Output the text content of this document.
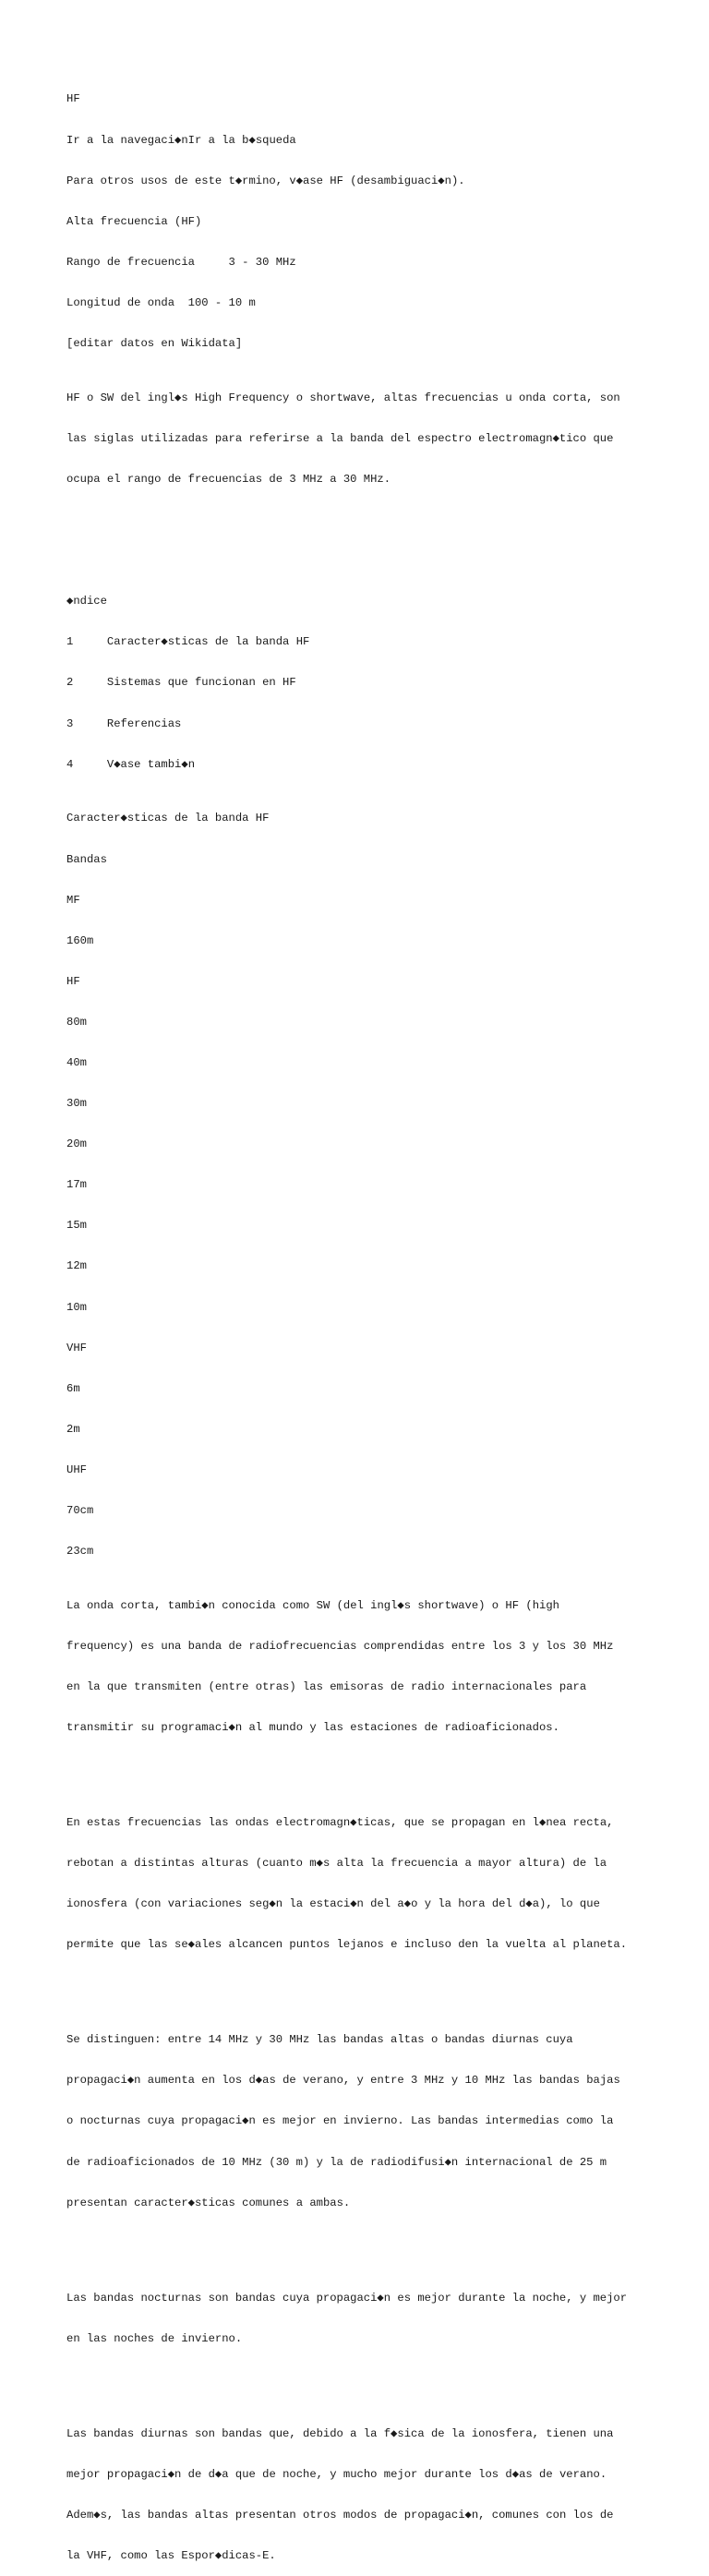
HF

Ir a la navegaci◆nIr a la b◆squeda

Para otros usos de este t◆rmino, v◆ase HF (desambiguaci◆n).

Alta frecuencia (HF)

Rango de frecuencia     3 - 30 MHz

Longitud de onda  100 - 10 m

[editar datos en Wikidata]

HF o SW del ingl◆s High Frequency o shortwave, altas frecuencias u onda corta, son

las siglas utilizadas para referirse a la banda del espectro electromagn◆tico que

ocupa el rango de frecuencias de 3 MHz a 30 MHz.

◆ndice

1     Caracter◆sticas de la banda HF

2     Sistemas que funcionan en HF

3     Referencias

4     V◆ase tambi◆n

Caracter◆sticas de la banda HF

Bandas

MF

160m

HF

80m

40m

30m

20m

17m

15m

12m

10m

VHF

6m

2m

UHF

70cm

23cm

La onda corta, tambi◆n conocida como SW (del ingl◆s shortwave) o HF (high

frequency) es una banda de radiofrecuencias comprendidas entre los 3 y los 30 MHz

en la que transmiten (entre otras) las emisoras de radio internacionales para

transmitir su programaci◆n al mundo y las estaciones de radioaficionados.

En estas frecuencias las ondas electromagn◆ticas, que se propagan en l◆nea recta,

rebotan a distintas alturas (cuanto m◆s alta la frecuencia a mayor altura) de la

ionosfera (con variaciones seg◆n la estaci◆n del a◆o y la hora del d◆a), lo que

permite que las se◆ales alcancen puntos lejanos e incluso den la vuelta al planeta.

Se distinguen: entre 14 MHz y 30 MHz las bandas altas o bandas diurnas cuya

propagaci◆n aumenta en los d◆as de verano, y entre 3 MHz y 10 MHz las bandas bajas

o nocturnas cuya propagaci◆n es mejor en invierno. Las bandas intermedias como la

de radioaficionados de 10 MHz (30 m) y la de radiodifusi◆n internacional de 25 m

presentan caracter◆sticas comunes a ambas.

Las bandas nocturnas son bandas cuya propagaci◆n es mejor durante la noche, y mejor

en las noches de invierno.

Las bandas diurnas son bandas que, debido a la f◆sica de la ionosfera, tienen una

mejor propagaci◆n de d◆a que de noche, y mucho mejor durante los d◆as de verano.

Adem◆s, las bandas altas presentan otros modos de propagaci◆n, comunes con los de

la VHF, como las Espor◆dicas-E.
